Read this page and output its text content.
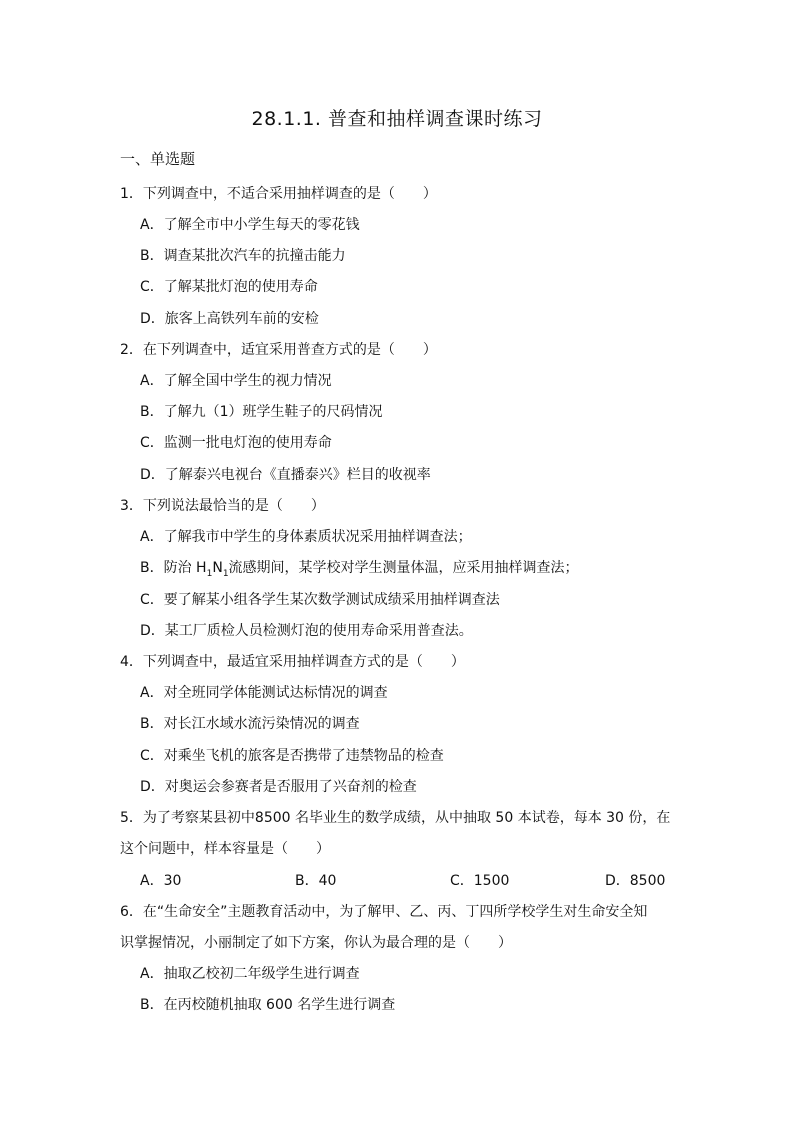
28.1.1. 普查和抽样调查课时练习
一、单选题
1．下列调查中，不适合采用抽样调查的是（　　）
A．了解全市中小学生每天的零花钱
B．调查某批次汽车的抗撞击能力
C．了解某批灯泡的使用寿命
D．旅客上高铁列车前的安检
2．在下列调查中，适宜采用普查方式的是（　　）
A．了解全国中学生的视力情况
B．了解九（1）班学生鞋子的尺码情况
C．监测一批电灯泡的使用寿命
D．了解泰兴电视台《直播泰兴》栏目的收视率
3．下列说法最恰当的是（　　）
A．了解我市中学生的身体素质状况采用抽样调查法；
B．防治 $H_1N_1$流感期间，某学校对学生测量体温，应采用抽样调查法；
C．要了解某小组各学生某次数学测试成绩采用抽样调查法
D．某工厂质检人员检测灯泡的使用寿命采用普查法。
4．下列调查中，最适宜采用抽样调查方式的是（　　）
A．对全班同学体能测试达标情况的调查
B．对长江水域水流污染情况的调查
C．对乘坐飞机的旅客是否携带了违禁物品的检查
D．对奥运会参赛者是否服用了兴奋剂的检查
5．为了考察某县初中8500 名毕业生的数学成绩，从中抽取 50 本试卷，每本 30 份，在
这个问题中，样本容量是（　　）
A．30	B．40	C．1500	D．8500
6．在“生命安全”主题教育活动中，为了解甲、乙、丙、丁四所学校学生对生命安全知
识掌握情况，小丽制定了如下方案，你认为最合理的是（　　）
A．抽取乙校初二年级学生进行调查
B．在丙校随机抽取 600 名学生进行调查
